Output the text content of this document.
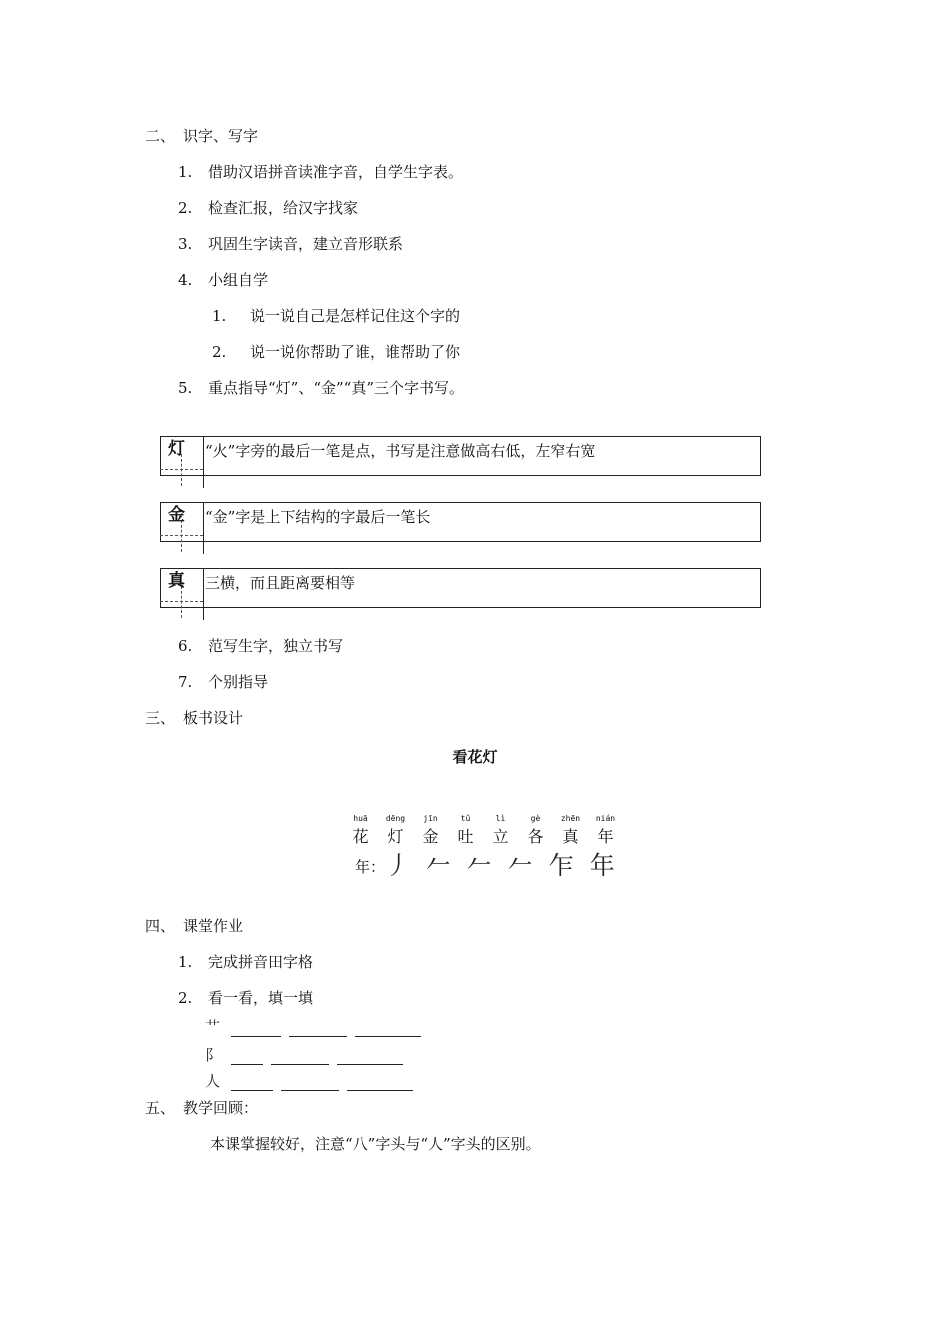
二、 识字、写字
1. 借助汉语拼音读准字音，自学生字表。
2. 检查汇报，给汉字找家
3. 巩固生字读音，建立音形联系
4. 小组自学
1. 说一说自己是怎样记住这个字的
2. 说一说你帮助了谁，谁帮助了你
5. 重点指导“灯”、“金”“真”三个字书写。
灯 “火”字旁的最后一笔是点，书写是注意做高右低，左窄右宽
金 “金”字是上下结构的字最后一笔长
真 三横，而且距离要相等
6. 范写生字，独立书写
7. 个别指导
三、 板书设计
看花灯
huā
花
dēng
灯
jīn
金
tǔ
吐
lì
立
gè
各
zhēn
真
nián
年
年：丿 𠂉 𠂉 𠂉 乍 年
四、 课堂作业
1. 完成拼音田字格
2. 看一看，填一填
艹
⻖
人
五、 教学回顾：
本课掌握较好，注意“八”字头与“人”字头的区别。
